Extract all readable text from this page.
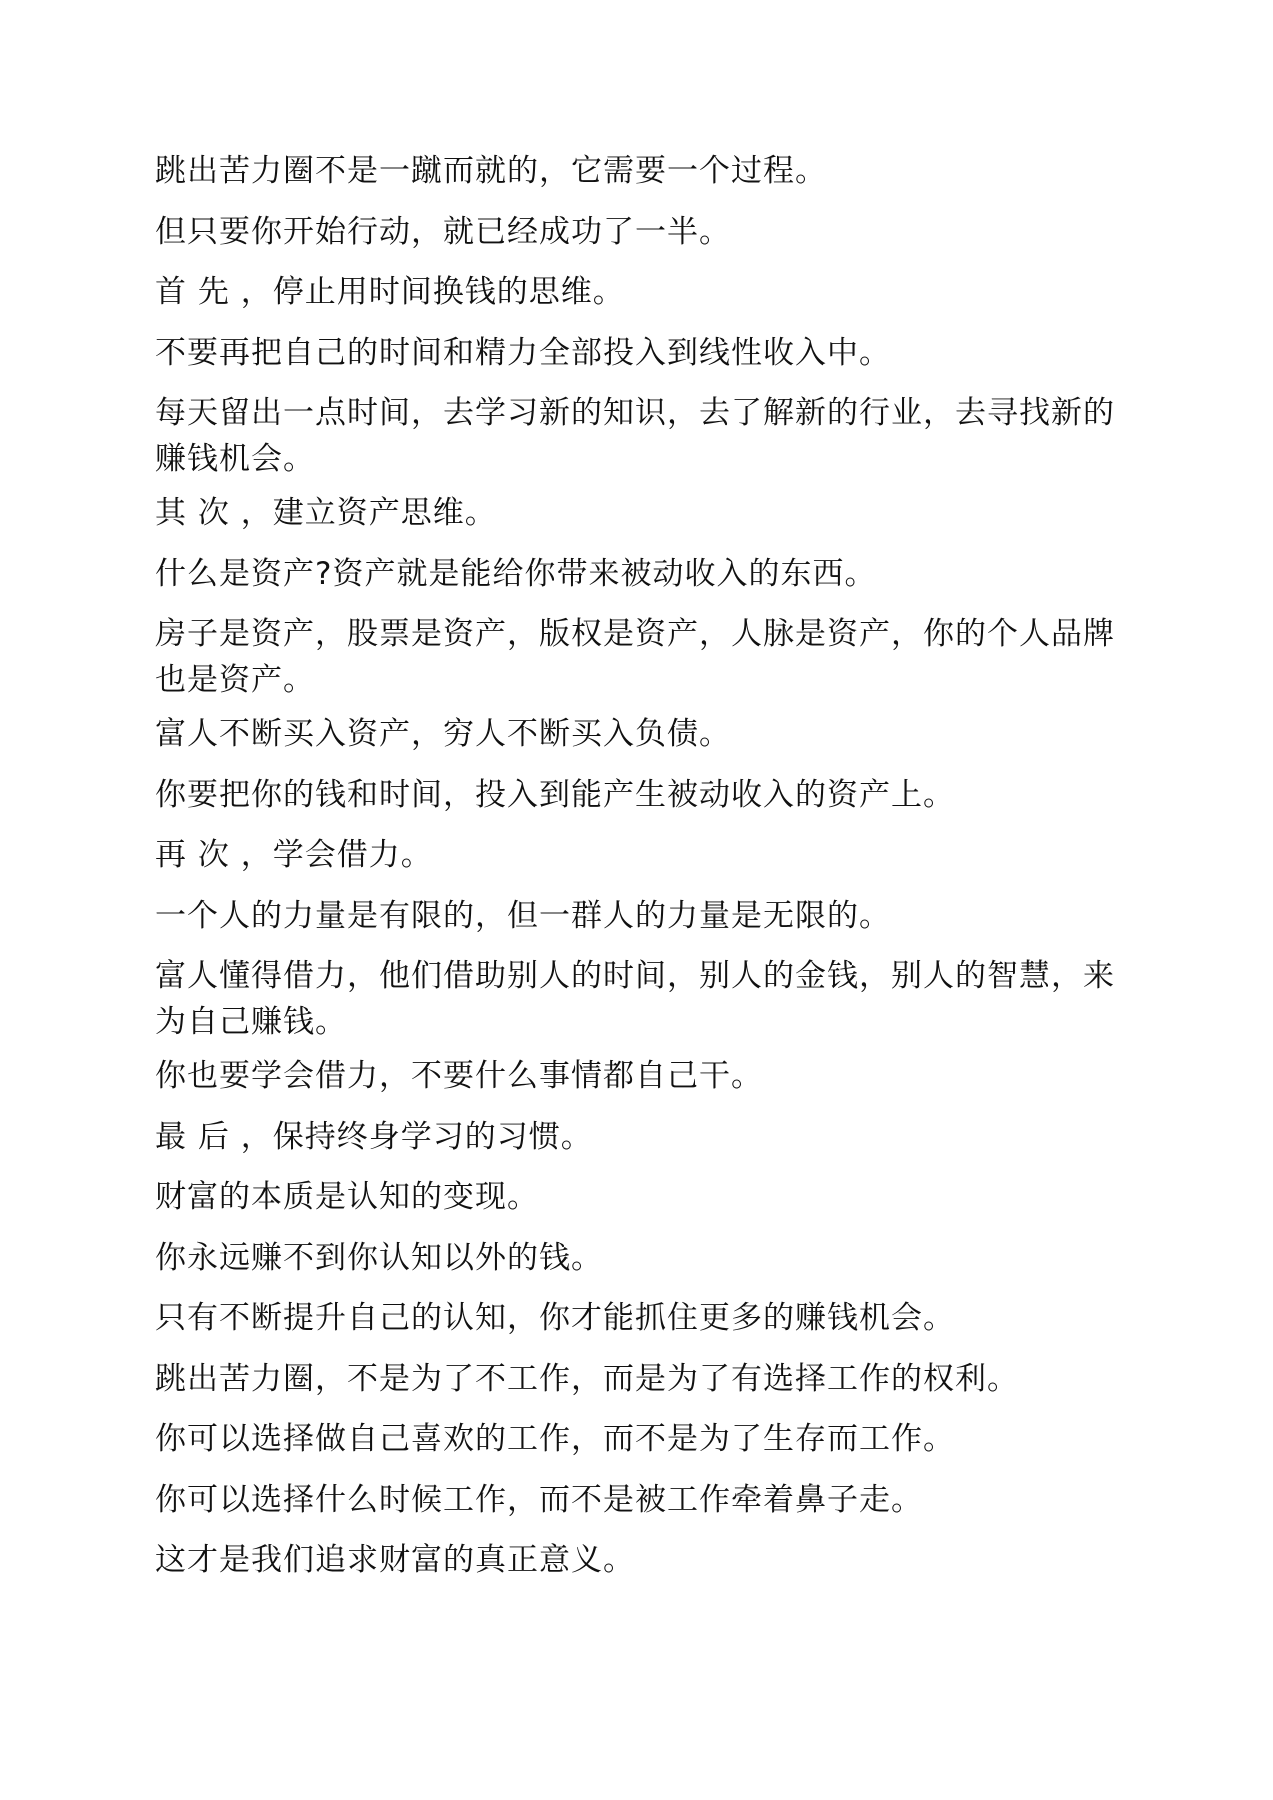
跳出苦力圈不是一蹴而就的，它需要一个过程。

但只要你开始行动，就已经成功了一半。

首 先 ，停止用时间换钱的思维。

不要再把自己的时间和精力全部投入到线性收入中。

每天留出一点时间，去学习新的知识，去了解新的行业，去寻找新的赚钱机会。

其 次 ，建立资产思维。

什么是资产?资产就是能给你带来被动收入的东西。

房子是资产，股票是资产，版权是资产，人脉是资产，你的个人品牌也是资产。

富人不断买入资产，穷人不断买入负债。

你要把你的钱和时间，投入到能产生被动收入的资产上。

再 次 ，学会借力。

一个人的力量是有限的，但一群人的力量是无限的。

富人懂得借力，他们借助别人的时间，别人的金钱，别人的智慧，来为自己赚钱。

你也要学会借力，不要什么事情都自己干。

最 后 ，保持终身学习的习惯。

财富的本质是认知的变现。

你永远赚不到你认知以外的钱。

只有不断提升自己的认知，你才能抓住更多的赚钱机会。

跳出苦力圈，不是为了不工作，而是为了有选择工作的权利。

你可以选择做自己喜欢的工作，而不是为了生存而工作。

你可以选择什么时候工作，而不是被工作牵着鼻子走。

这才是我们追求财富的真正意义。
